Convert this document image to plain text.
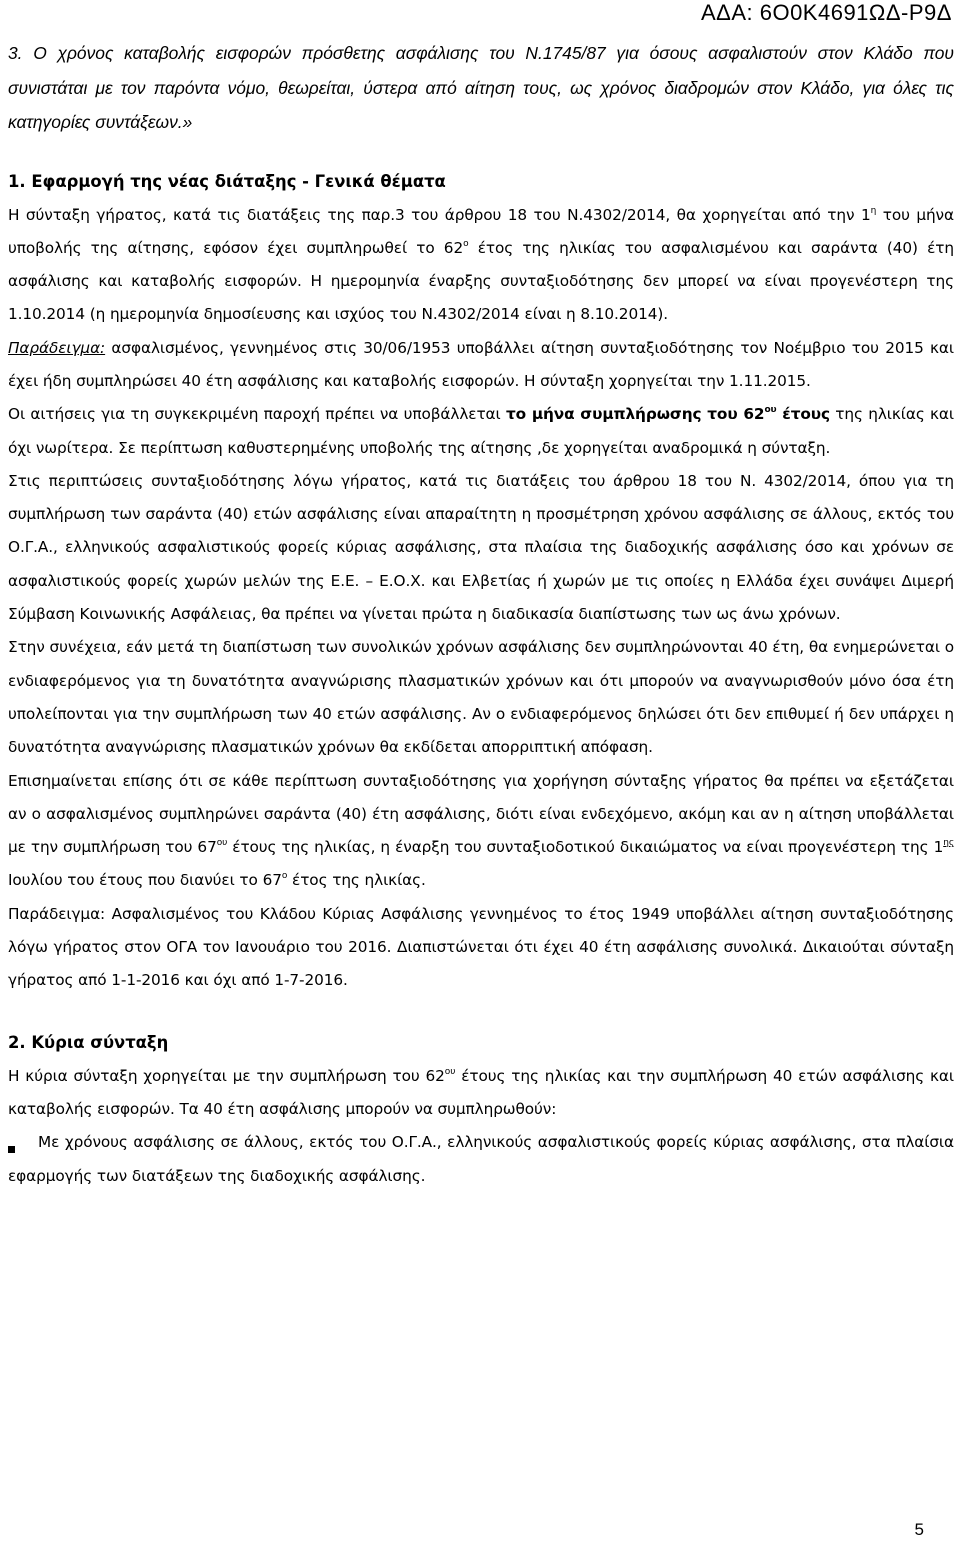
ΑΔΑ: 6Ο0Κ4691ΩΔ-Ρ9Δ
3. Ο χρόνος καταβολής εισφορών πρόσθετης ασφάλισης του Ν.1745/87 για όσους ασφαλιστούν στον Κλάδο που συνιστάται με τον παρόντα νόμο, θεωρείται, ύστερα από αίτηση τους, ως χρόνος διαδρομών στον Κλάδο, για όλες τις κατηγορίες συντάξεων.»
1. Εφαρμογή της νέας διάταξης - Γενικά θέματα
Η σύνταξη γήρατος, κατά τις διατάξεις της παρ.3 του άρθρου 18 του Ν.4302/2014, θα χορηγείται από την $1^\eta$ του μήνα υποβολής της αίτησης, εφόσον έχει συμπληρωθεί το $62^o$ έτος της ηλικίας του ασφαλισμένου και σαράντα (40) έτη ασφάλισης και καταβολής εισφορών. Η ημερομηνία έναρξης συνταξιοδότησης δεν μπορεί να είναι προγενέστερη της 1.10.2014 (η ημερομηνία δημοσίευσης και ισχύος του Ν.4302/2014 είναι η 8.10.2014).
Παράδειγμα: ασφαλισμένος, γεννημένος στις 30/06/1953 υποβάλλει αίτηση συνταξιοδότησης τον Νοέμβριο του 2015 και έχει ήδη συμπληρώσει 40 έτη ασφάλισης και καταβολής εισφορών. Η σύνταξη χορηγείται την 1.11.2015.
Οι αιτήσεις για τη συγκεκριμένη παροχή πρέπει να υποβάλλεται το μήνα συμπλήρωσης του $62^{o\upsilon}$ έτους της ηλικίας και όχι νωρίτερα. Σε περίπτωση καθυστερημένης υποβολής της αίτησης ,δε χορηγείται αναδρομικά η σύνταξη.
Στις περιπτώσεις συνταξιοδότησης λόγω γήρατος, κατά τις διατάξεις του άρθρου 18 του Ν. 4302/2014, όπου για τη συμπλήρωση των σαράντα (40) ετών ασφάλισης είναι απαραίτητη η προσμέτρηση χρόνου ασφάλισης σε άλλους, εκτός του Ο.Γ.Α., ελληνικούς ασφαλιστικούς φορείς κύριας ασφάλισης, στα πλαίσια της διαδοχικής ασφάλισης όσο και χρόνων σε ασφαλιστικούς φορείς χωρών μελών της Ε.Ε. – Ε.Ο.Χ. και Ελβετίας ή χωρών με τις οποίες η Ελλάδα έχει συνάψει Διμερή Σύμβαση Κοινωνικής Ασφάλειας, θα πρέπει να γίνεται πρώτα η διαδικασία διαπίστωσης των ως άνω χρόνων.
Στην συνέχεια, εάν μετά τη διαπίστωση των συνολικών χρόνων ασφάλισης δεν συμπληρώνονται 40 έτη, θα ενημερώνεται ο ενδιαφερόμενος για τη δυνατότητα αναγνώρισης πλασματικών χρόνων και ότι μπορούν να αναγνωρισθούν μόνο όσα έτη υπολείπονται για την συμπλήρωση των 40 ετών ασφάλισης. Αν ο ενδιαφερόμενος δηλώσει ότι δεν επιθυμεί ή δεν υπάρχει η δυνατότητα αναγνώρισης πλασματικών χρόνων θα εκδίδεται απορριπτική απόφαση.
Επισημαίνεται επίσης ότι σε κάθε περίπτωση συνταξιοδότησης για χορήγηση σύνταξης γήρατος θα πρέπει να εξετάζεται αν ο ασφαλισμένος συμπληρώνει σαράντα (40) έτη ασφάλισης, διότι είναι ενδεχόμενο, ακόμη και αν η αίτηση υποβάλλεται με την συμπλήρωση του $67^{o\upsilon}$ έτους της ηλικίας, η έναρξη του συνταξιοδοτικού δικαιώματος να είναι προγενέστερη της $1^{\eta\varsigma}$ Ιουλίου του έτους που διανύει το $67^o$ έτος της ηλικίας.
Παράδειγμα: Ασφαλισμένος του Κλάδου Κύριας Ασφάλισης γεννημένος το έτος 1949 υποβάλλει αίτηση συνταξιοδότησης λόγω γήρατος στον ΟΓΑ τον Ιανουάριο του 2016. Διαπιστώνεται ότι έχει 40 έτη ασφάλισης συνολικά. Δικαιούται σύνταξη γήρατος από 1-1-2016 και όχι από 1-7-2016.
2. Κύρια σύνταξη
Η κύρια σύνταξη χορηγείται με την συμπλήρωση του $62^{o\upsilon}$ έτους της ηλικίας και την συμπλήρωση 40 ετών ασφάλισης και καταβολής εισφορών. Τα 40 έτη ασφάλισης μπορούν να συμπληρωθούν:
Με χρόνους ασφάλισης σε άλλους, εκτός του Ο.Γ.Α., ελληνικούς ασφαλιστικούς φορείς κύριας ασφάλισης, στα πλαίσια εφαρμογής των διατάξεων της διαδοχικής ασφάλισης.
5
